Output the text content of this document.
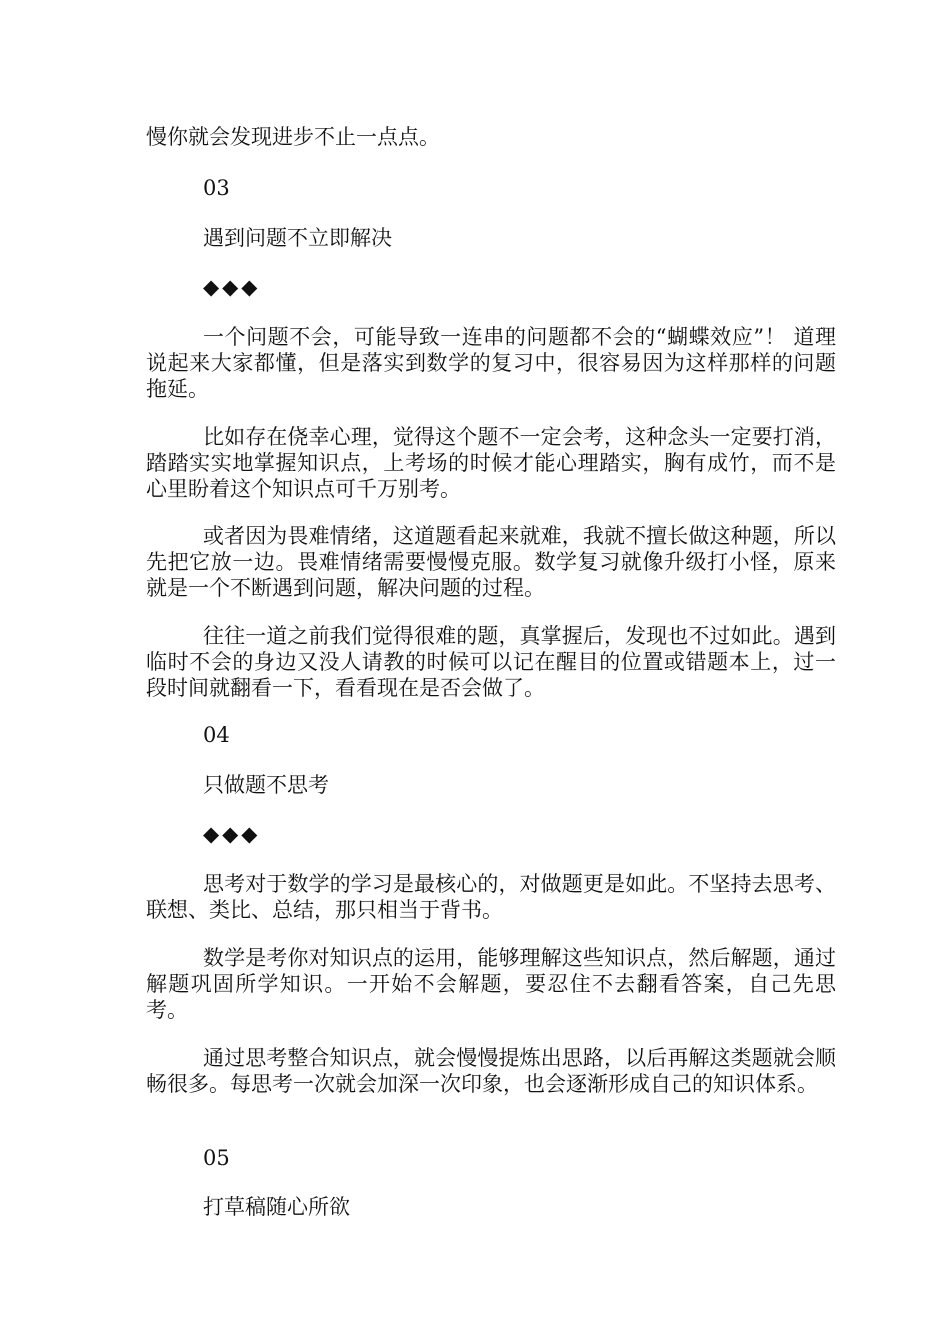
慢你就会发现进步不止一点点。
03
遇到问题不立即解决
◆◆◆
一个问题不会，可能导致一连串的问题都不会的“蝴蝶效应”！ 道理说起来大家都懂，但是落实到数学的复习中，很容易因为这样那样的问题拖延。
比如存在侥幸心理，觉得这个题不一定会考，这种念头一定要打消，踏踏实实地掌握知识点，上考场的时候才能心理踏实，胸有成竹，而不是心里盼着这个知识点可千万别考。
或者因为畏难情绪，这道题看起来就难，我就不擅长做这种题，所以先把它放一边。畏难情绪需要慢慢克服。数学复习就像升级打小怪，原来就是一个不断遇到问题，解决问题的过程。
往往一道之前我们觉得很难的题，真掌握后，发现也不过如此。遇到临时不会的身边又没人请教的时候可以记在醒目的位置或错题本上，过一段时间就翻看一下，看看现在是否会做了。
04
只做题不思考
◆◆◆
思考对于数学的学习是最核心的，对做题更是如此。不坚持去思考、联想、类比、总结，那只相当于背书。
数学是考你对知识点的运用，能够理解这些知识点，然后解题，通过解题巩固所学知识。一开始不会解题，要忍住不去翻看答案，自己先思考。
通过思考整合知识点，就会慢慢提炼出思路，以后再解这类题就会顺畅很多。每思考一次就会加深一次印象，也会逐渐形成自己的知识体系。
05
打草稿随心所欲
